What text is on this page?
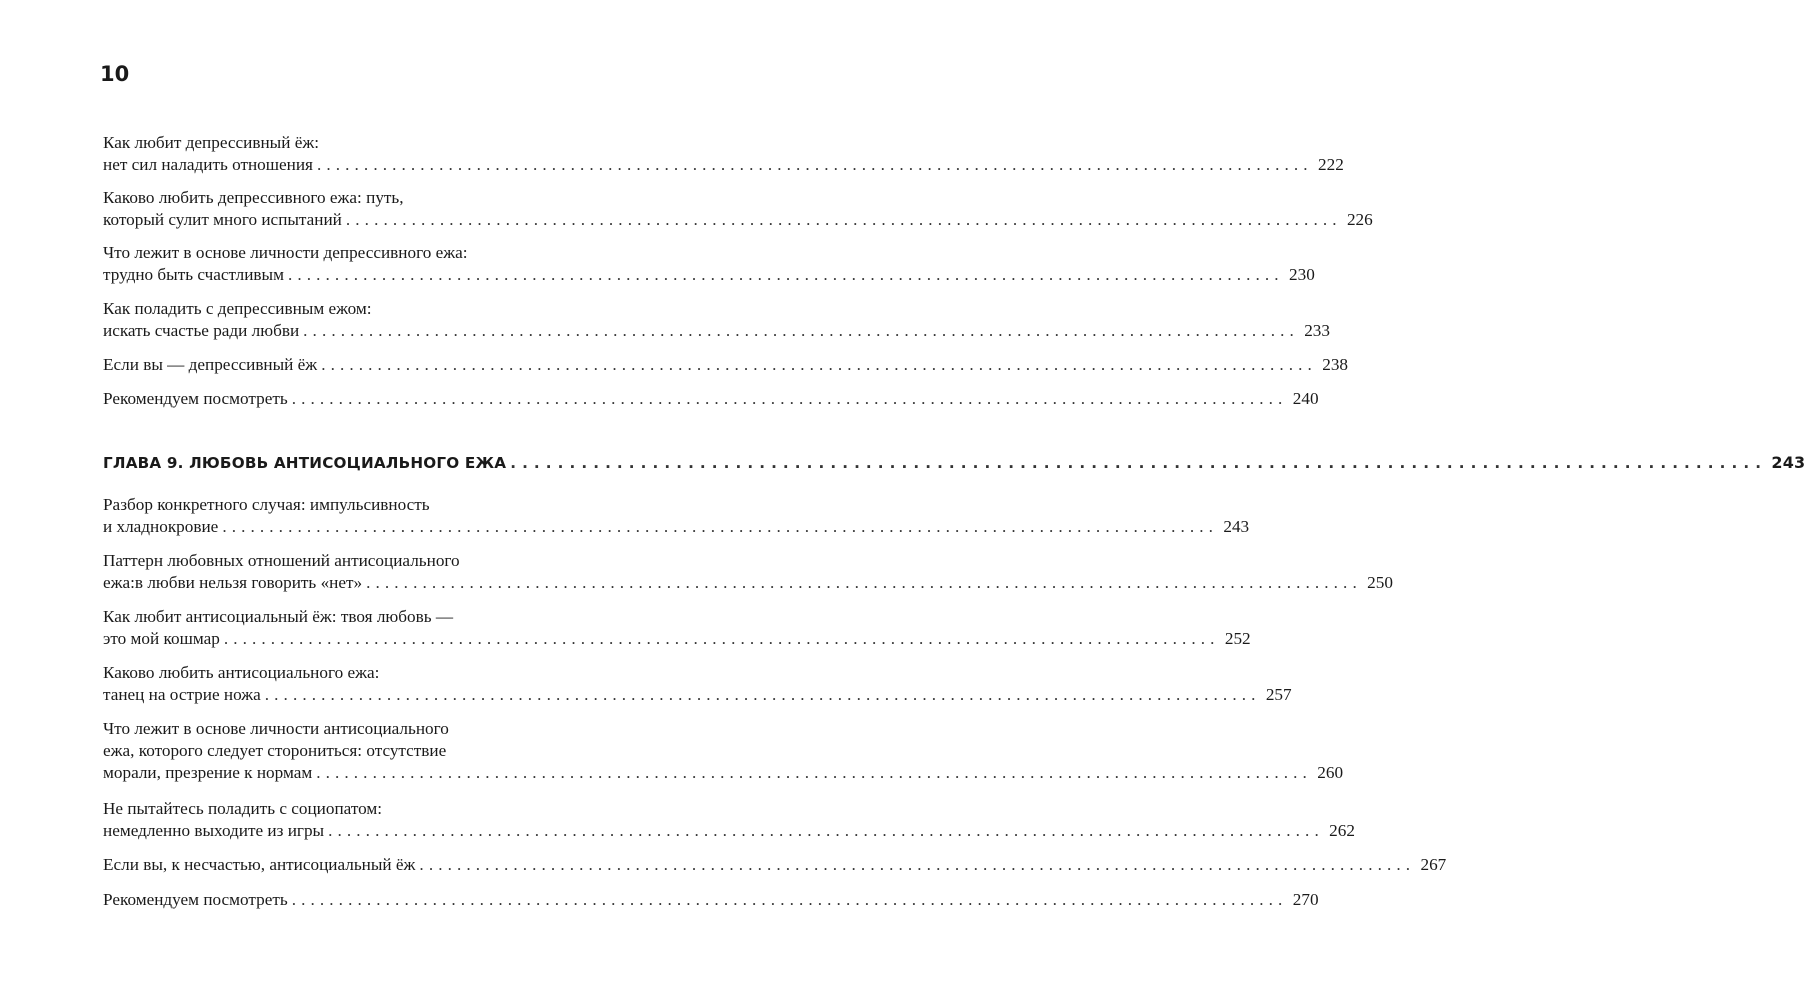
10
Как любит депрессивный ёж:
нет сил наладить отношения . . .	222
Каково любить депрессивного ежа: путь,
который сулит много испытаний . . .	226
Что лежит в основе личности депрессивного ежа:
трудно быть счастливым . . .	230
Как поладить с депрессивным ежом:
искать счастье ради любви . . .	233
Если вы — депрессивный ёж . . .	238
Рекомендуем посмотреть . . .	240
ГЛАВА 9. ЛЮБОВЬ АНТИСОЦИАЛЬНОГО ЕЖА . . .	243
Разбор конкретного случая: импульсивность
и хладнокровие . . .	243
Паттерн любовных отношений антисоциального
ежа:в любви нельзя говорить «нет» . . .	250
Как любит антисоциальный ёж: твоя любовь —
это мой кошмар . . .	252
Каково любить антисоциального ежа:
танец на острие ножа . . .	257
Что лежит в основе личности антисоциального
ежа, которого следует сторониться: отсутствие
морали, презрение к нормам . . .	260
Не пытайтесь поладить с социопатом:
немедленно выходите из игры . . .	262
Если вы, к несчастью, антисоциальный ёж . . .	267
Рекомендуем посмотреть . . .	270
